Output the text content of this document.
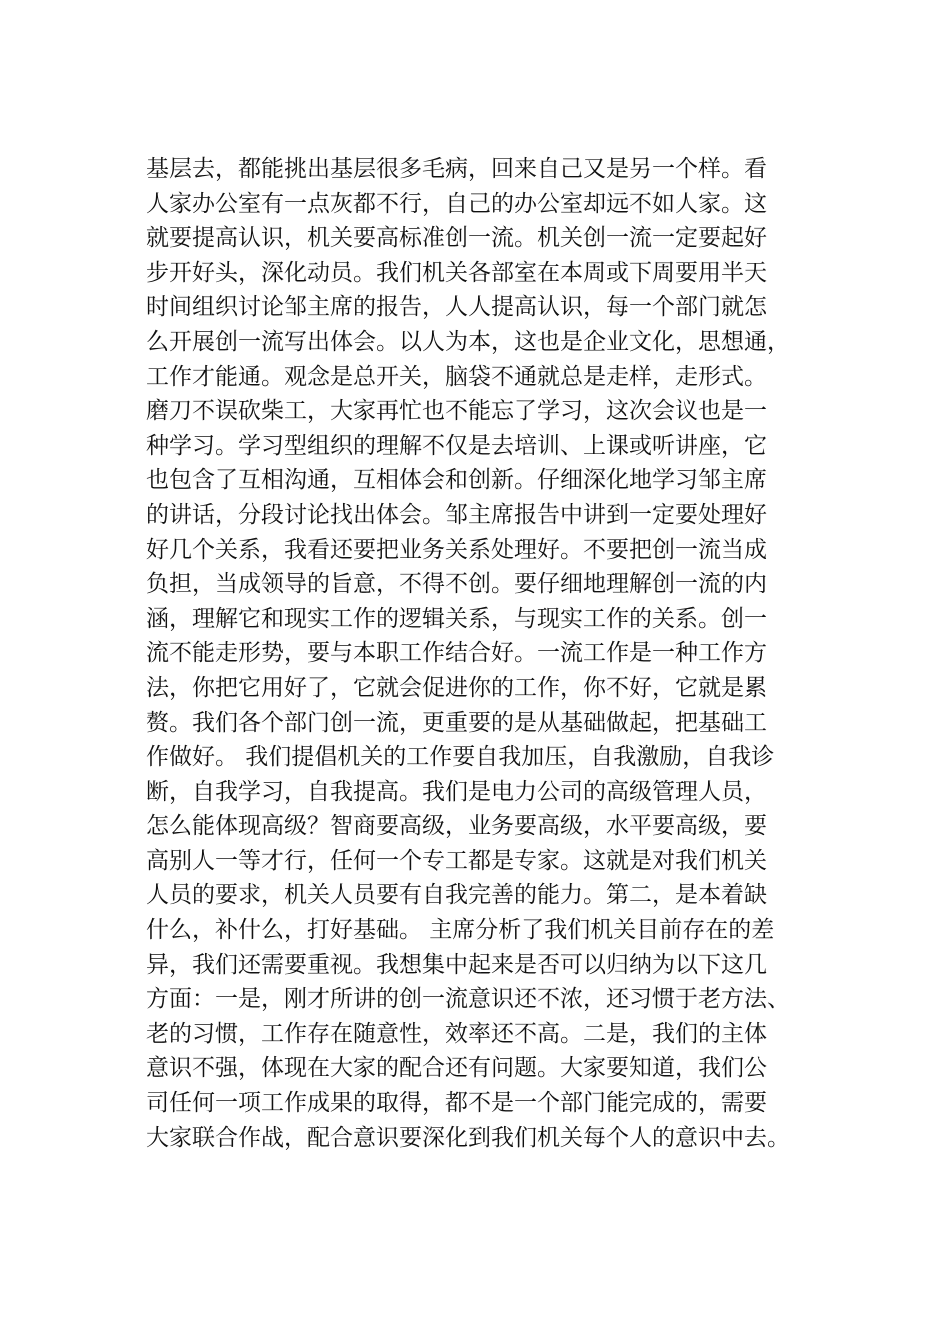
基层去，都能挑出基层很多毛病，回来自己又是另一个样。看
人家办公室有一点灰都不行，自己的办公室却远不如人家。这
就要提高认识，机关要高标准创一流。机关创一流一定要起好
步开好头，深化动员。我们机关各部室在本周或下周要用半天
时间组织讨论邹主席的报告，人人提高认识，每一个部门就怎
么开展创一流写出体会。以人为本，这也是企业文化，思想通，
工作才能通。观念是总开关，脑袋不通就总是走样，走形式。
磨刀不误砍柴工，大家再忙也不能忘了学习，这次会议也是一
种学习。学习型组织的理解不仅是去培训、上课或听讲座，它
也包含了互相沟通，互相体会和创新。仔细深化地学习邹主席
的讲话，分段讨论找出体会。邹主席报告中讲到一定要处理好
好几个关系，我看还要把业务关系处理好。不要把创一流当成
负担，当成领导的旨意，不得不创。要仔细地理解创一流的内
涵，理解它和现实工作的逻辑关系，与现实工作的关系。创一
流不能走形势，要与本职工作结合好。一流工作是一种工作方
法，你把它用好了，它就会促进你的工作，你不好，它就是累
赘。我们各个部门创一流，更重要的是从基础做起，把基础工
作做好。 我们提倡机关的工作要自我加压，自我激励，自我诊
断，自我学习，自我提高。我们是电力公司的高级管理人员，
怎么能体现高级？智商要高级，业务要高级，水平要高级，要
高别人一等才行，任何一个专工都是专家。这就是对我们机关
人员的要求，机关人员要有自我完善的能力。第二，是本着缺
什么，补什么，打好基础。 主席分析了我们机关目前存在的差
异，我们还需要重视。我想集中起来是否可以归纳为以下这几
方面：一是，刚才所讲的创一流意识还不浓，还习惯于老方法、
老的习惯，工作存在随意性，效率还不高。二是，我们的主体
意识不强，体现在大家的配合还有问题。大家要知道，我们公
司任何一项工作成果的取得，都不是一个部门能完成的，需要
大家联合作战，配合意识要深化到我们机关每个人的意识中去。
